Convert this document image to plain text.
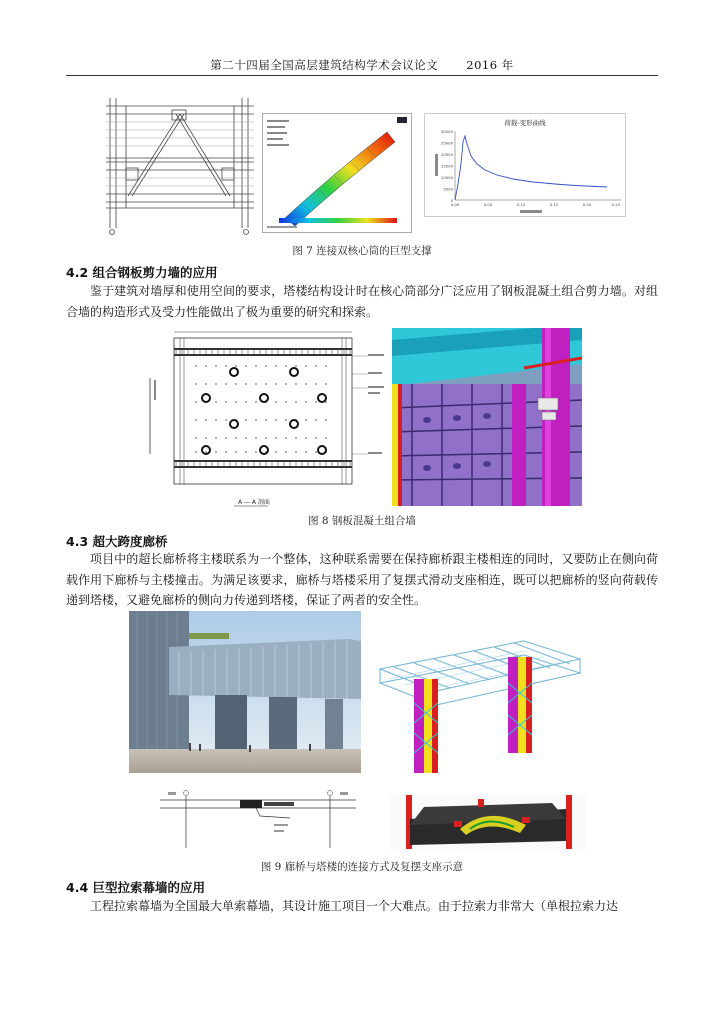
第二十四届全国高层建筑结构学术会议论文 2016 年
荷载-变形曲线
30000
25000
20000
15000
10000
5000
0
0.00	0.05	0.10	0.15	0.20	0.25
图 7 连接双核心筒的巨型支撑
4.2 组合钢板剪力墙的应用
鉴于建筑对墙厚和使用空间的要求，塔楼结构设计时在核心筒部分广泛应用了钢板混凝土组合剪力墙。对组合墙的构造形式及受力性能做出了极为重要的研究和探索。
A — A 剖面
图 8 钢板混凝土组合墙
4.3 超大跨度廊桥
项目中的超长廊桥将主楼联系为一个整体，这种联系需要在保持廊桥跟主楼相连的同时，又要防止在侧向荷载作用下廊桥与主楼撞击。为满足该要求，廊桥与塔楼采用了复摆式滑动支座相连，既可以把廊桥的竖向荷载传递到塔楼，又避免廊桥的侧向力传递到塔楼，保证了两者的安全性。
图 9 廊桥与塔楼的连接方式及复摆支座示意
4.4 巨型拉索幕墙的应用
工程拉索幕墙为全国最大单索幕墙，其设计施工项目一个大难点。由于拉索力非常大（单根拉索力达
